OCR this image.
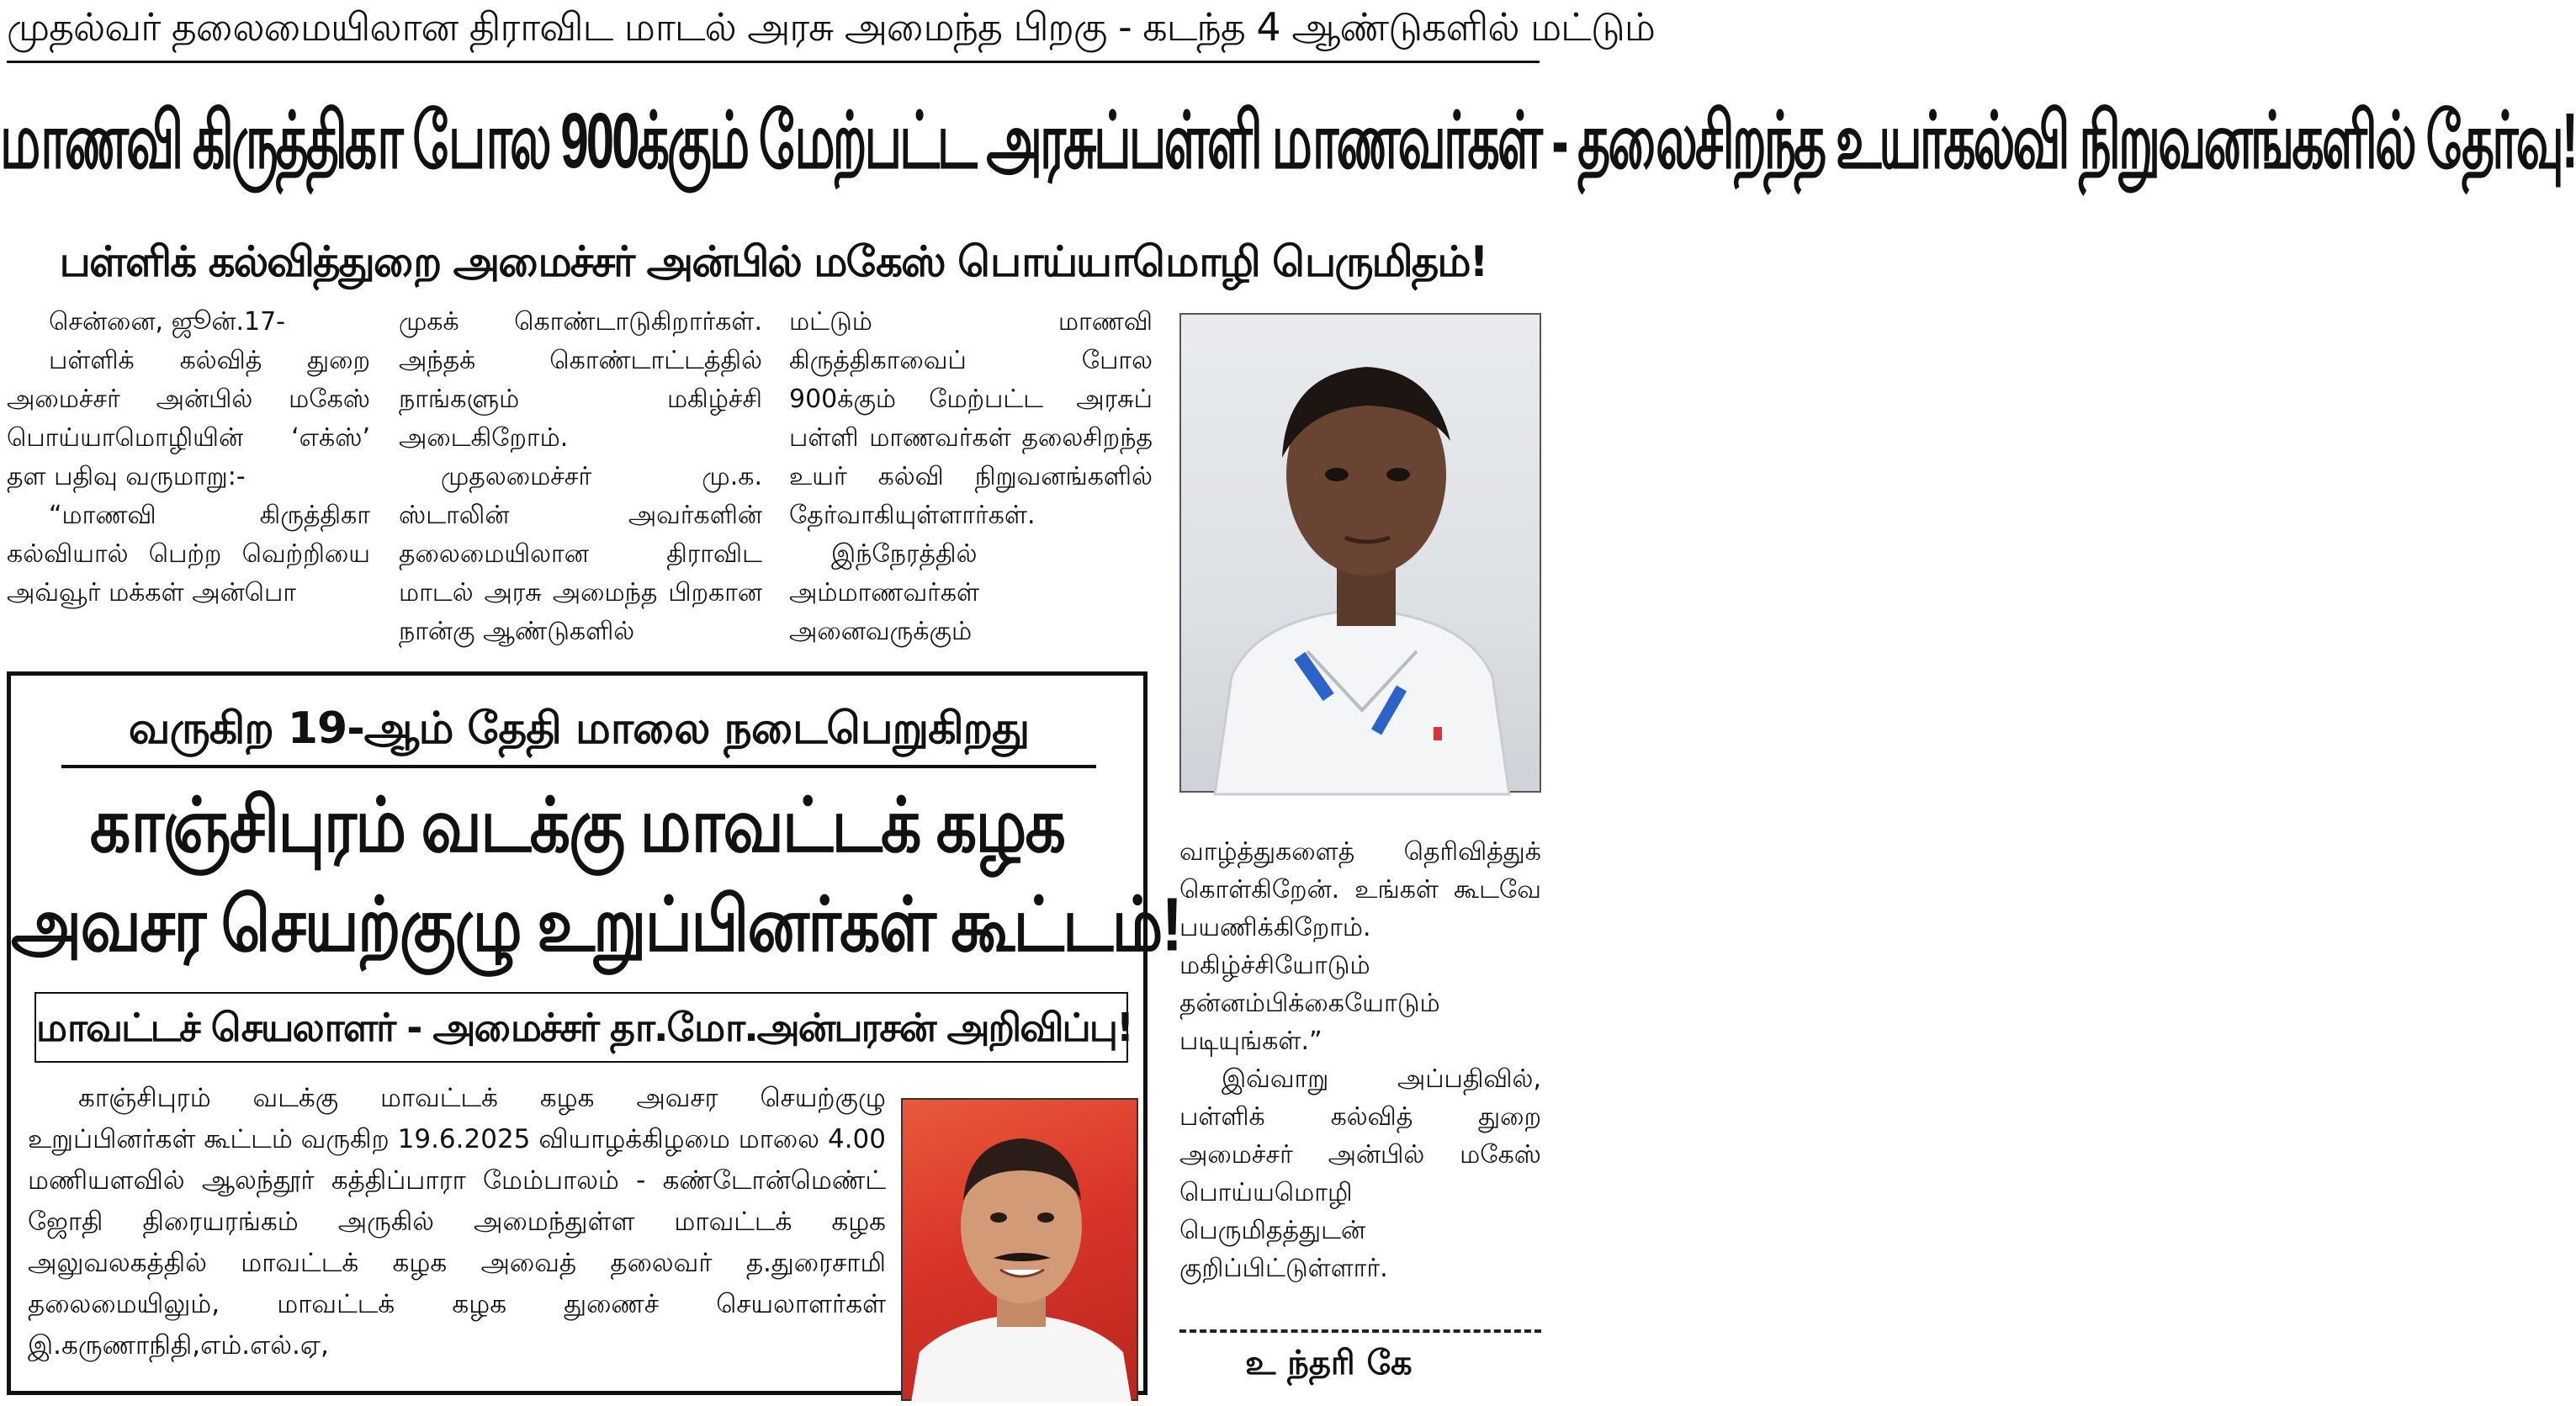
முதல்வர் தலைமையிலான திராவிட மாடல் அரசு அமைந்த பிறகு - கடந்த 4 ஆண்டுகளில் மட்டும்
மாணவி கிருத்திகா போல 900க்கும் மேற்பட்ட அரசுப்பள்ளி மாணவர்கள் - தலைசிறந்த உயர்கல்வி நிறுவனங்களில் தேர்வு!
பள்ளிக் கல்வித்துறை அமைச்சர் அன்பில் மகேஸ் பொய்யாமொழி பெருமிதம்!

சென்னை, ஜூன்.17-

பள்ளிக் கல்வித் துறை அமைச்சர் அன்பில் மகேஸ் பொய்யாமொழியின் ‘எக்ஸ்’ தள பதிவு வருமாறு:-

“மாணவி கிருத்திகா கல்வியால் பெற்ற வெற்றியை அவ்வூர் மக்கள் அன்பொ

முகக் கொண்டாடுகிறார்கள். அந்தக் கொண்டாட்டத்தில் நாங்களும் மகிழ்ச்சி அடைகிறோம்.

முதலமைச்சர் மு.க. ஸ்டாலின் அவர்களின் தலைமையிலான திராவிட மாடல் அரசு அமைந்த பிறகான நான்கு ஆண்டுகளில்

மட்டும் மாணவி கிருத்திகாவைப் போல 900க்கும் மேற்பட்ட அரசுப் பள்ளி மாணவர்கள் தலைசிறந்த உயர் கல்வி நிறுவனங்களில் தேர்வாகியுள்ளார்கள்.

இந்நேரத்தில் அம்மாணவர்கள் அனைவருக்கும்

வாழ்த்துகளைத் தெரிவித்துக் கொள்கிறேன். உங்கள் கூடவே பயணிக்கிறோம். மகிழ்ச்சியோடும் தன்னம்பிக்கையோடும் படியுங்கள்.”

இவ்வாறு அப்பதிவில், பள்ளிக் கல்வித் துறை அமைச்சர் அன்பில் மகேஸ் பொய்யமொழி பெருமிதத்துடன் குறிப்பிட்டுள்ளார்.

உ ந்தரி கே
வருகிற 19-ஆம் தேதி மாலை நடைபெறுகிறது
காஞ்சிபுரம் வடக்கு மாவட்டக் கழக
அவசர செயற்குழு உறுப்பினர்கள் கூட்டம்!
மாவட்டச் செயலாளர் - அமைச்சர் தா.மோ.அன்பரசன் அறிவிப்பு!

காஞ்சிபுரம் வடக்கு மாவட்டக் கழக அவசர செயற்குழு உறுப்பினர்கள் கூட்டம் வருகிற 19.6.2025 வியாழக்கிழமை மாலை 4.00 மணியளவில் ஆலந்தூர் கத்திப்பாரா மேம்பாலம் - கண்டோன்மெண்ட் ஜோதி திரையரங்கம் அருகில் அமைந்துள்ள மாவட்டக் கழக அலுவலகத்தில் மாவட்டக் கழக அவைத் தலைவர் த.துரைசாமி தலைமையிலும், மாவட்டக் கழக துணைச் செயலாளர்கள் இ.கருணாநிதி,எம்.எல்.ஏ,
